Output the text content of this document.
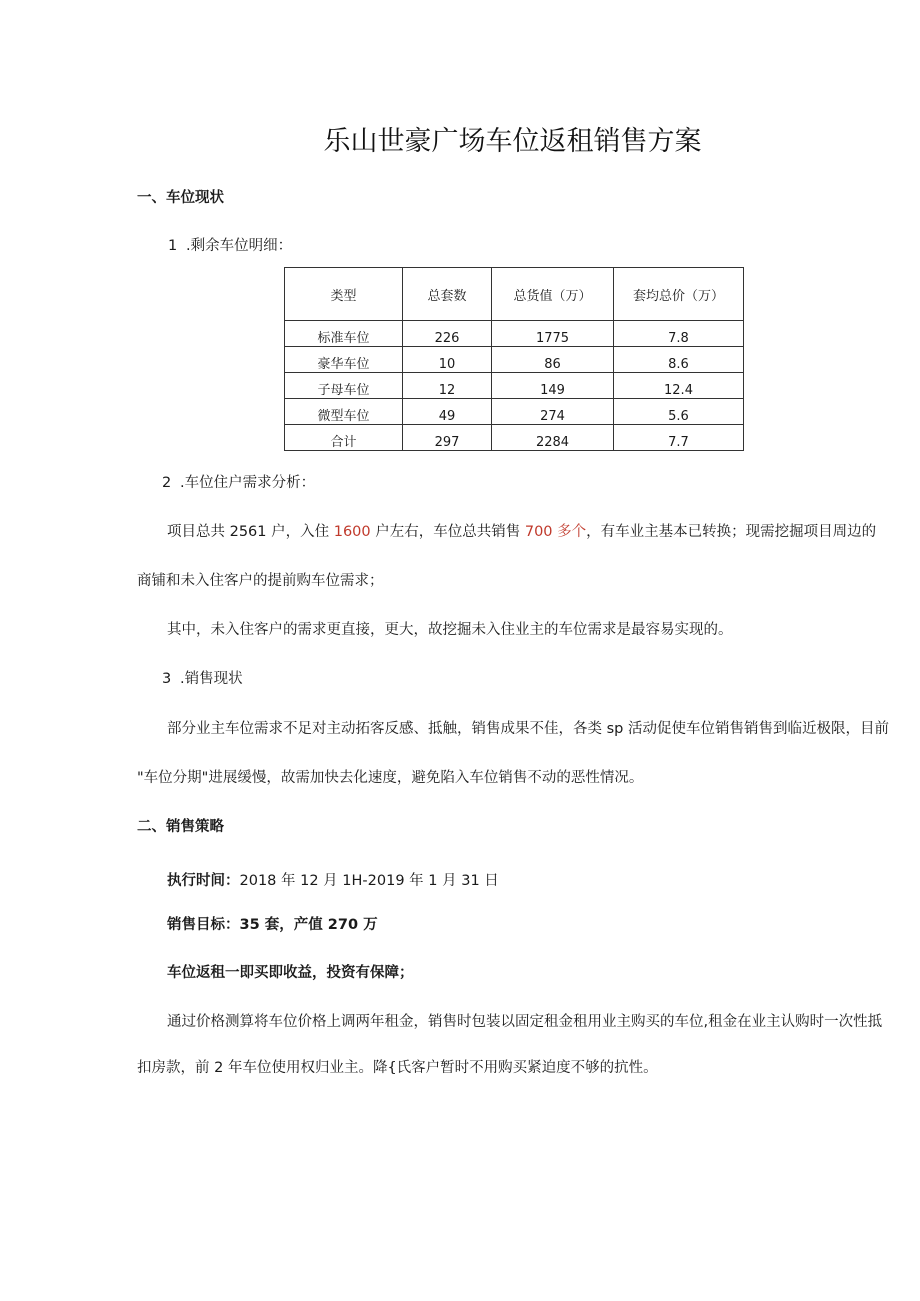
乐山世豪广场车位返租销售方案
一、车位现状
1 .剩余车位明细：
类型	总套数	总货值（万）	套均总价（万）
标准车位	226	1775	7.8
豪华车位	10	86	8.6
子母车位	12	149	12.4
微型车位	49	274	5.6
合计	297	2284	7.7
2 .车位住户需求分析：
项目总共 2561 户，入住 1600 户左右，车位总共销售 700 多个，有车业主基本已转换；现需挖掘项目周边的
商铺和未入住客户的提前购车位需求；
其中，未入住客户的需求更直接，更大，故挖掘未入住业主的车位需求是最容易实现的。
3 .销售现状
部分业主车位需求不足对主动拓客反感、抵触，销售成果不佳，各类 sp 活动促使车位销售销售到临近极限，目前
"车位分期"进展缓慢，故需加快去化速度，避免陷入车位销售不动的恶性情况。
二、销售策略
执行时间：2018 年 12 月 1H-2019 年 1 月 31 日
销售目标：35 套，产值 270 万
车位返租一即买即收益，投资有保障；
通过价格测算将车位价格上调两年租金，销售时包装以固定租金租用业主购买的车位,租金在业主认购时一次性抵
扣房款，前 2 年车位使用权归业主。降{氏客户暂时不用购买紧迫度不够的抗性。
